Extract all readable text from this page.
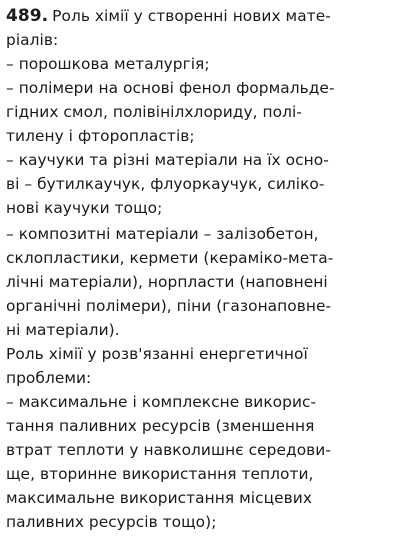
489. Роль хімії у створенні нових мате-
ріалів:
– порошкова металургія;
– полімери на основі фенол формальде-
гідних смол, полівінілхлориду, полі-
тилену і фторопластів;
– каучуки та різні матеріали на їх осно-
ві – бутилкаучук, флуоркаучук, силіко-
нові каучуки тощо;
– композитні матеріали – залізобетон,
склопластики, кермети (кераміко-мета-
лічні матеріали), норпласти (наповнені
органічні полімери), піни (газонаповне-
ні матеріали).
Роль хімії у розв'язанні енергетичної
проблеми:
– максимальне і комплексне викорис-
тання паливних ресурсів (зменшення
втрат теплоти у навколишнє середови-
ще, вторинне використання теплоти,
максимальне використання місцевих
паливних ресурсів тощо);
